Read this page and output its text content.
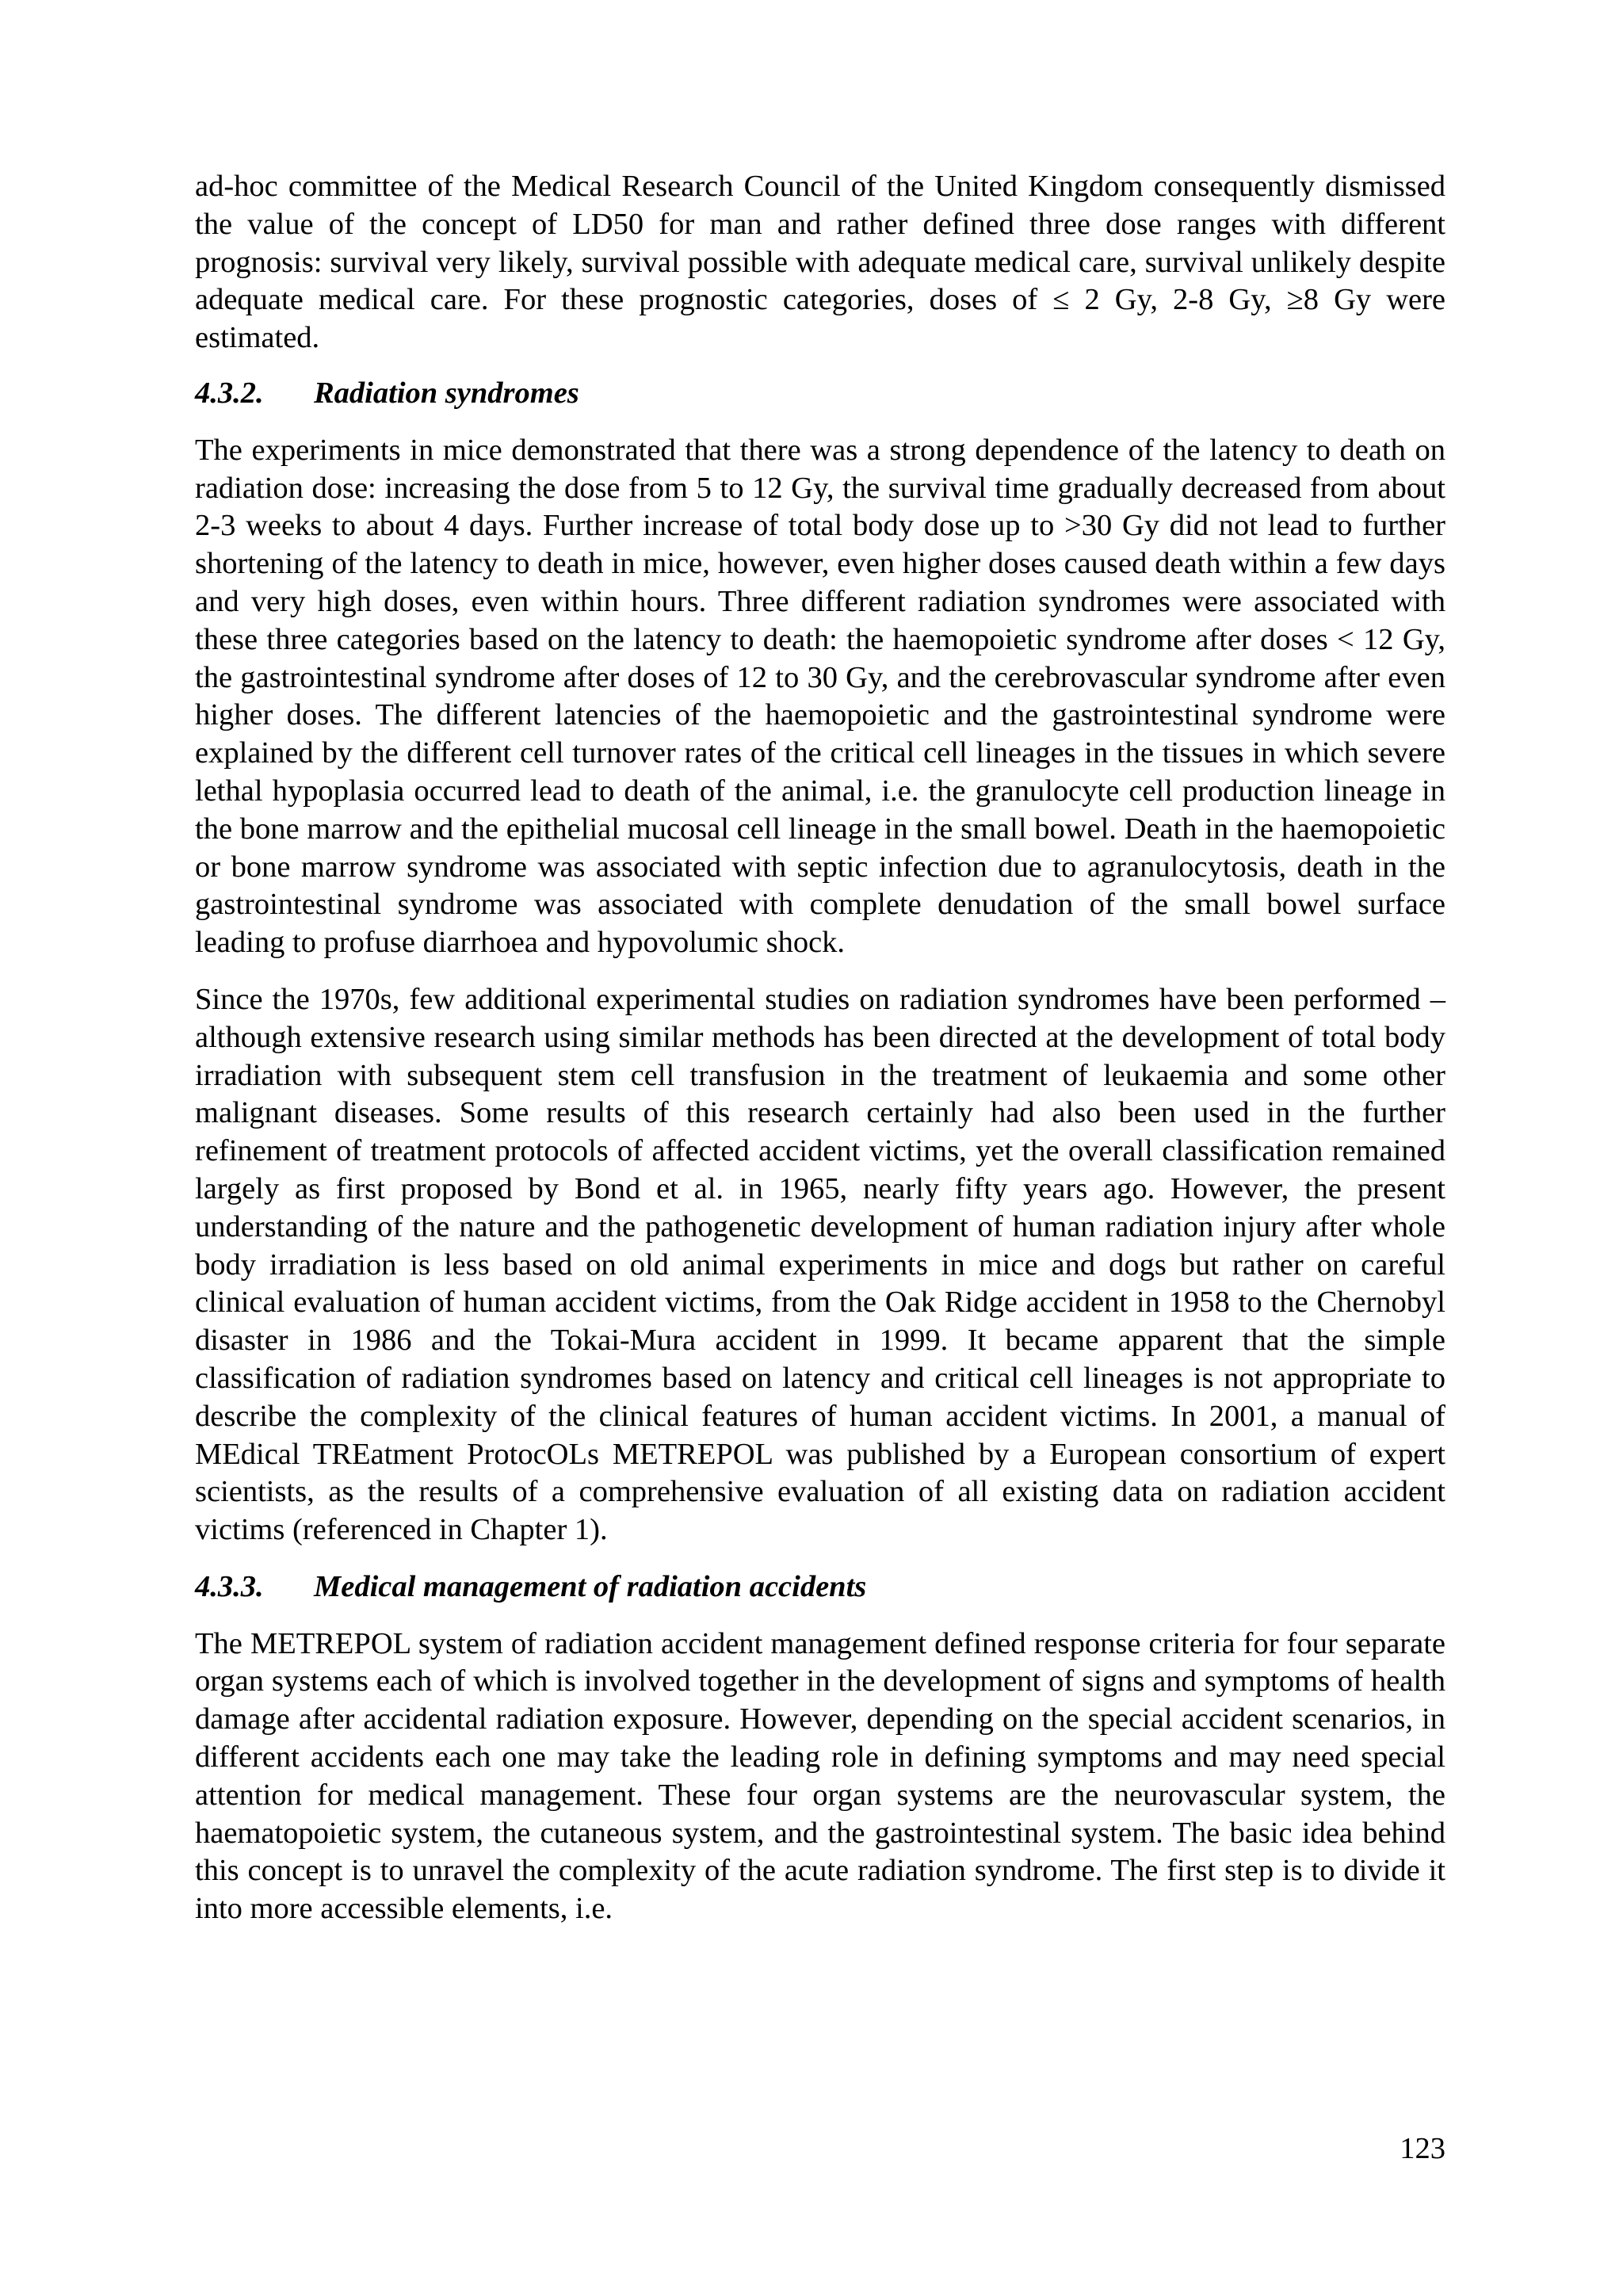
ad-hoc committee of the Medical Research Council of the United Kingdom consequently dismissed the value of the concept of LD50 for man and rather defined three dose ranges with different prognosis: survival very likely, survival possible with adequate medical care, survival unlikely despite adequate medical care. For these prognostic categories, doses of ≤ 2 Gy, 2-8 Gy, ≥8 Gy were estimated.

4.3.2.	Radiation syndromes

The experiments in mice demonstrated that there was a strong dependence of the latency to death on radiation dose: increasing the dose from 5 to 12 Gy, the survival time gradually decreased from about 2-3 weeks to about 4 days. Further increase of total body dose up to >30 Gy did not lead to further shortening of the latency to death in mice, however, even higher doses caused death within a few days and very high doses, even within hours. Three different radiation syndromes were associated with these three categories based on the latency to death: the haemopoietic syndrome after doses < 12 Gy, the gastrointestinal syndrome after doses of 12 to 30 Gy, and the cerebrovascular syndrome after even higher doses. The different latencies of the haemopoietic and the gastrointestinal syndrome were explained by the different cell turnover rates of the critical cell lineages in the tissues in which severe lethal hypoplasia occurred lead to death of the animal, i.e. the granulocyte cell production lineage in the bone marrow and the epithelial mucosal cell lineage in the small bowel. Death in the haemopoietic or bone marrow syndrome was associated with septic infection due to agranulocytosis, death in the gastrointestinal syndrome was associated with complete denudation of the small bowel surface leading to profuse diarrhoea and hypovolumic shock.

Since the 1970s, few additional experimental studies on radiation syndromes have been performed – although extensive research using similar methods has been directed at the development of total body irradiation with subsequent stem cell transfusion in the treatment of leukaemia and some other malignant diseases. Some results of this research certainly had also been used in the further refinement of treatment protocols of affected accident victims, yet the overall classification remained largely as first proposed by Bond et al. in 1965, nearly fifty years ago. However, the present understanding of the nature and the pathogenetic development of human radiation injury after whole body irradiation is less based on old animal experiments in mice and dogs but rather on careful clinical evaluation of human accident victims, from the Oak Ridge accident in 1958 to the Chernobyl disaster in 1986 and the Tokai-Mura accident in 1999. It became apparent that the simple classification of radiation syndromes based on latency and critical cell lineages is not appropriate to describe the complexity of the clinical features of human accident victims. In 2001, a manual of MEdical TREatment ProtocOLs METREPOL was published by a European consortium of expert scientists, as the results of a comprehensive evaluation of all existing data on radiation accident victims (referenced in Chapter 1).

4.3.3.	Medical management of radiation accidents

The METREPOL system of radiation accident management defined response criteria for four separate organ systems each of which is involved together in the development of signs and symptoms of health damage after accidental radiation exposure. However, depending on the special accident scenarios, in different accidents each one may take the leading role in defining symptoms and may need special attention for medical management. These four organ systems are the neurovascular system, the haematopoietic system, the cutaneous system, and the gastrointestinal system. The basic idea behind this concept is to unravel the complexity of the acute radiation syndrome. The first step is to divide it into more accessible elements, i.e.

123
